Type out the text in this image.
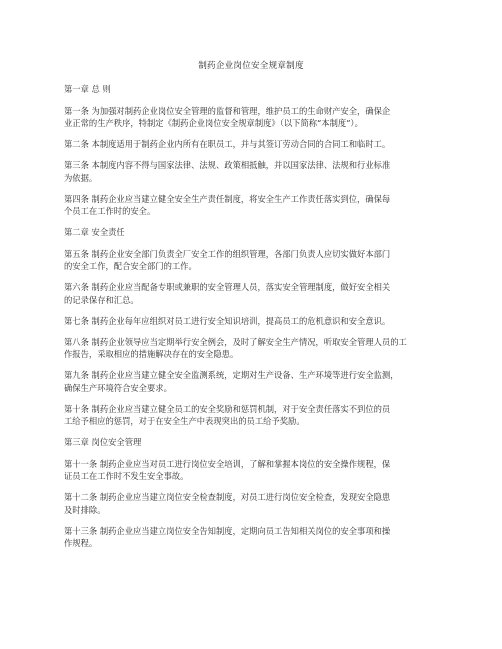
制药企业岗位安全规章制度
第一章 总 则
第一条 为加强对制药企业岗位安全管理的监督和管理，维护员工的生命财产安全，确保企
业正常的生产秩序，特制定《制药企业岗位安全规章制度》（以下简称“本制度”）。
第二条 本制度适用于制药企业内所有在职员工，并与其签订劳动合同的合同工和临时工。
第三条 本制度内容不得与国家法律、法规、政策相抵触，并以国家法律、法规和行业标准
为依据。
第四条 制药企业应当建立健全安全生产责任制度，将安全生产工作责任落实到位，确保每
个员工在工作时的安全。
第二章 安全责任
第五条 制药企业安全部门负责全厂安全工作的组织管理，各部门负责人应切实做好本部门
的安全工作，配合安全部门的工作。
第六条 制药企业应当配备专职或兼职的安全管理人员，落实安全管理制度，做好安全相关
的记录保存和汇总。
第七条 制药企业每年应组织对员工进行安全知识培训，提高员工的危机意识和安全意识。
第八条 制药企业领导应当定期举行安全例会，及时了解安全生产情况，听取安全管理人员的工
作报告，采取相应的措施解决存在的安全隐患。
第九条 制药企业应当建立健全安全监测系统，定期对生产设备、生产环境等进行安全监测，
确保生产环境符合安全要求。
第十条 制药企业应当建立健全员工的安全奖励和惩罚机制，对于安全责任落实不到位的员
工给予相应的惩罚，对于在安全生产中表现突出的员工给予奖励。
第三章 岗位安全管理
第十一条 制药企业应当对员工进行岗位安全培训，了解和掌握本岗位的安全操作规程，保
证员工在工作时不发生安全事故。
第十二条 制药企业应当建立岗位安全检查制度，对员工进行岗位安全检查，发现安全隐患
及时排除。
第十三条 制药企业应当建立岗位安全告知制度，定期向员工告知相关岗位的安全事项和操
作规程。
